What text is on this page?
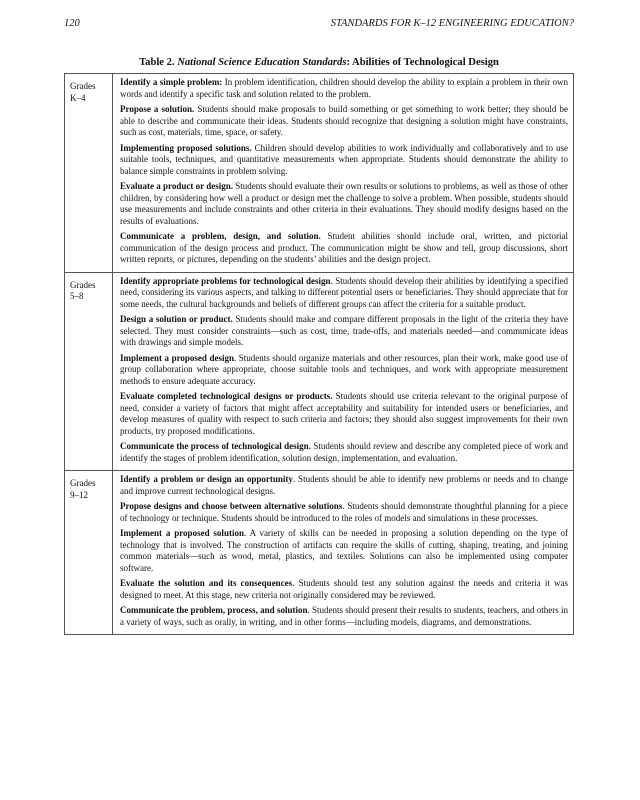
120	STANDARDS FOR K–12 ENGINEERING EDUCATION?
Table 2. National Science Education Standards: Abilities of Technological Design
Grades
K–4

Identify a simple problem: In problem identification, children should develop the ability to explain a problem in their own words and identify a specific task and solution related to the problem.

Propose a solution. Students should make proposals to build something or get something to work better; they should be able to describe and communicate their ideas. Students should recognize that designing a solution might have constraints, such as cost, materials, time, space, or safety.

Implementing proposed solutions. Children should develop abilities to work individually and collaboratively and to use suitable tools, techniques, and quantitative measurements when appropriate. Students should demonstrate the ability to balance simple constraints in problem solving.

Evaluate a product or design. Students should evaluate their own results or solutions to problems, as well as those of other children, by considering how well a product or design met the challenge to solve a problem. When possible, students should use measurements and include constraints and other criteria in their evaluations. They should modify designs based on the results of evaluations.

Communicate a problem, design, and solution. Student abilities should include oral, written, and pictorial communication of the design process and product. The communication might be show and tell, group discussions, short written reports, or pictures, depending on the students’ abilities and the design project.

Grades
5–8

Identify appropriate problems for technological design. Students should develop their abilities by identifying a specified need, considering its various aspects, and talking to different potential users or beneficiaries. They should appreciate that for some needs, the cultural backgrounds and beliefs of different groups can affect the criteria for a suitable product.

Design a solution or product. Students should make and compare different proposals in the light of the criteria they have selected. They must consider constraints—such as cost, time, trade-offs, and materials needed—and communicate ideas with drawings and simple models.

Implement a proposed design. Students should organize materials and other resources, plan their work, make good use of group collaboration where appropriate, choose suitable tools and techniques, and work with appropriate measurement methods to ensure adequate accuracy.

Evaluate completed technological designs or products. Students should use criteria relevant to the original purpose of need, consider a variety of factors that might affect acceptability and suitability for intended users or beneficiaries, and develop measures of quality with respect to such criteria and factors; they should also suggest improvements for their own products, try proposed modifications.

Communicate the process of technological design. Students should review and describe any completed piece of work and identify the stages of problem identification, solution design, implementation, and evaluation.

Grades
9–12

Identify a problem or design an opportunity. Students should be able to identify new problems or needs and to change and improve current technological designs.

Propose designs and choose between alternative solutions. Students should demonstrate thoughtful planning for a piece of technology or technique. Students should be introduced to the roles of models and simulations in these processes.

Implement a proposed solution. A variety of skills can be needed in proposing a solution depending on the type of technology that is involved. The construction of artifacts can require the skills of cutting, shaping, treating, and joining common materials—such as wood, metal, plastics, and textiles. Solutions can also be implemented using computer software.

Evaluate the solution and its consequences. Students should test any solution against the needs and criteria it was designed to meet. At this stage, new criteria not originally considered may be reviewed.

Communicate the problem, process, and solution. Students should present their results to students, teachers, and others in a variety of ways, such as orally, in writing, and in other forms—including models, diagrams, and demonstrations.
